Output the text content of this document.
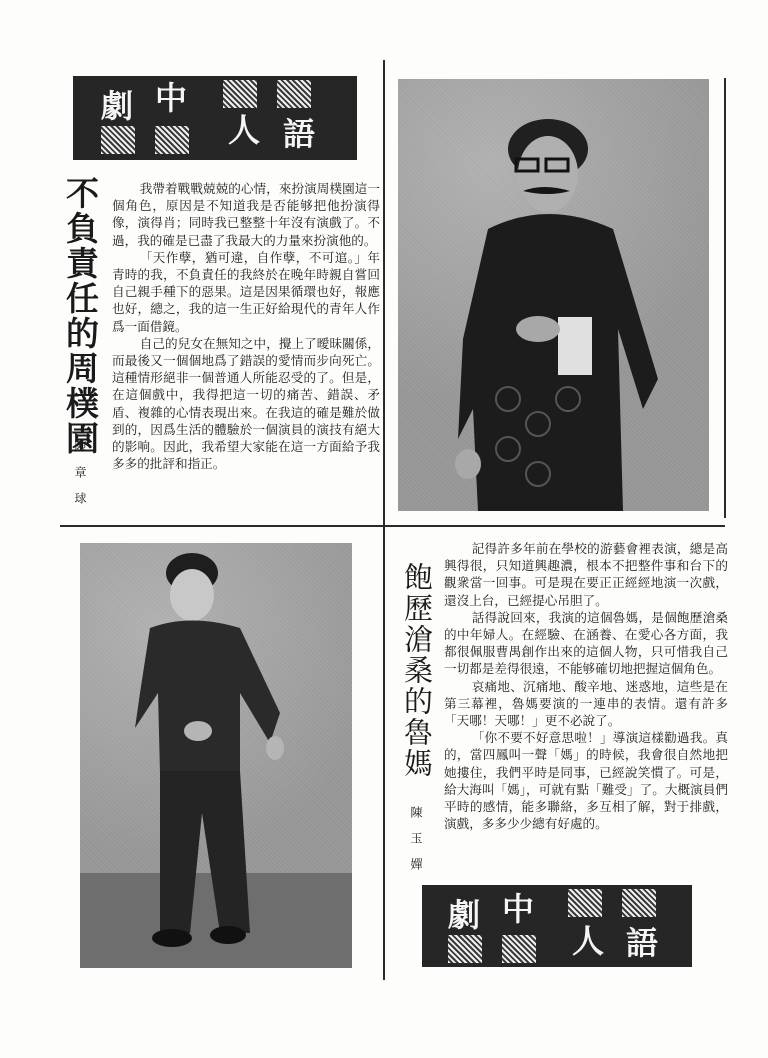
劇 中
人 語
不負責任的周樸園
陳章球

我帶着戰戰兢兢的心情，來扮演周樸園這一個角色，原因是不知道我是否能够把他扮演得像，演得肖；同時我已整整十年沒有演戲了。不過，我的確是已盡了我最大的力量來扮演他的。

「天作孽，猶可違，自作孽，不可逭。」年青時的我，不負責任的我終於在晚年時親自嘗回自己親手種下的惡果。這是因果循環也好，報應也好，總之，我的這一生正好給現代的青年人作爲一面借鏡。

自己的兒女在無知之中，攪上了曖昧關係，而最後又一個個地爲了錯誤的愛情而步向死亡。這種情形絕非一個普通人所能忍受的了。但是，在這個戲中，我得把這一切的痛苦、錯誤、矛盾、複雜的心情表現出來。在我這的確是難於做到的，因爲生活的體驗於一個演員的演技有絕大的影响。因此，我希望大家能在這一方面給予我多多的批評和指正。

飽歷滄桑的魯媽
陳玉嬋

記得許多年前在學校的游藝會裡表演，總是高興得很，只知道興趣濃，根本不把整件事和台下的觀衆當一回事。可是現在要正正經經地演一次戲，還沒上台，已經提心吊胆了。

話得說回來，我演的這個魯媽，是個飽歷滄桑的中年婦人。在經驗、在涵養、在愛心各方面，我都很佩服曹禺創作出來的這個人物，只可惜我自己一切都是差得很遠，不能够確切地把握這個角色。

哀痛地、沉痛地、酸辛地、迷惑地，這些是在第三幕裡，魯媽要演的一連串的表情。還有許多「天哪！天哪！」更不必說了。

「你不要不好意思啦！」導演這樣勸過我。真的，當四鳳叫一聲「媽」的時候，我會很自然地把她摟住，我們平時是同事，已經說笑慣了。可是，給大海叫「媽」，可就有點「難受」了。大概演員們平時的感情，能多聯絡，多互相了解，對于排戲，演戲，多多少少總有好處的。

劇 中
人 語
